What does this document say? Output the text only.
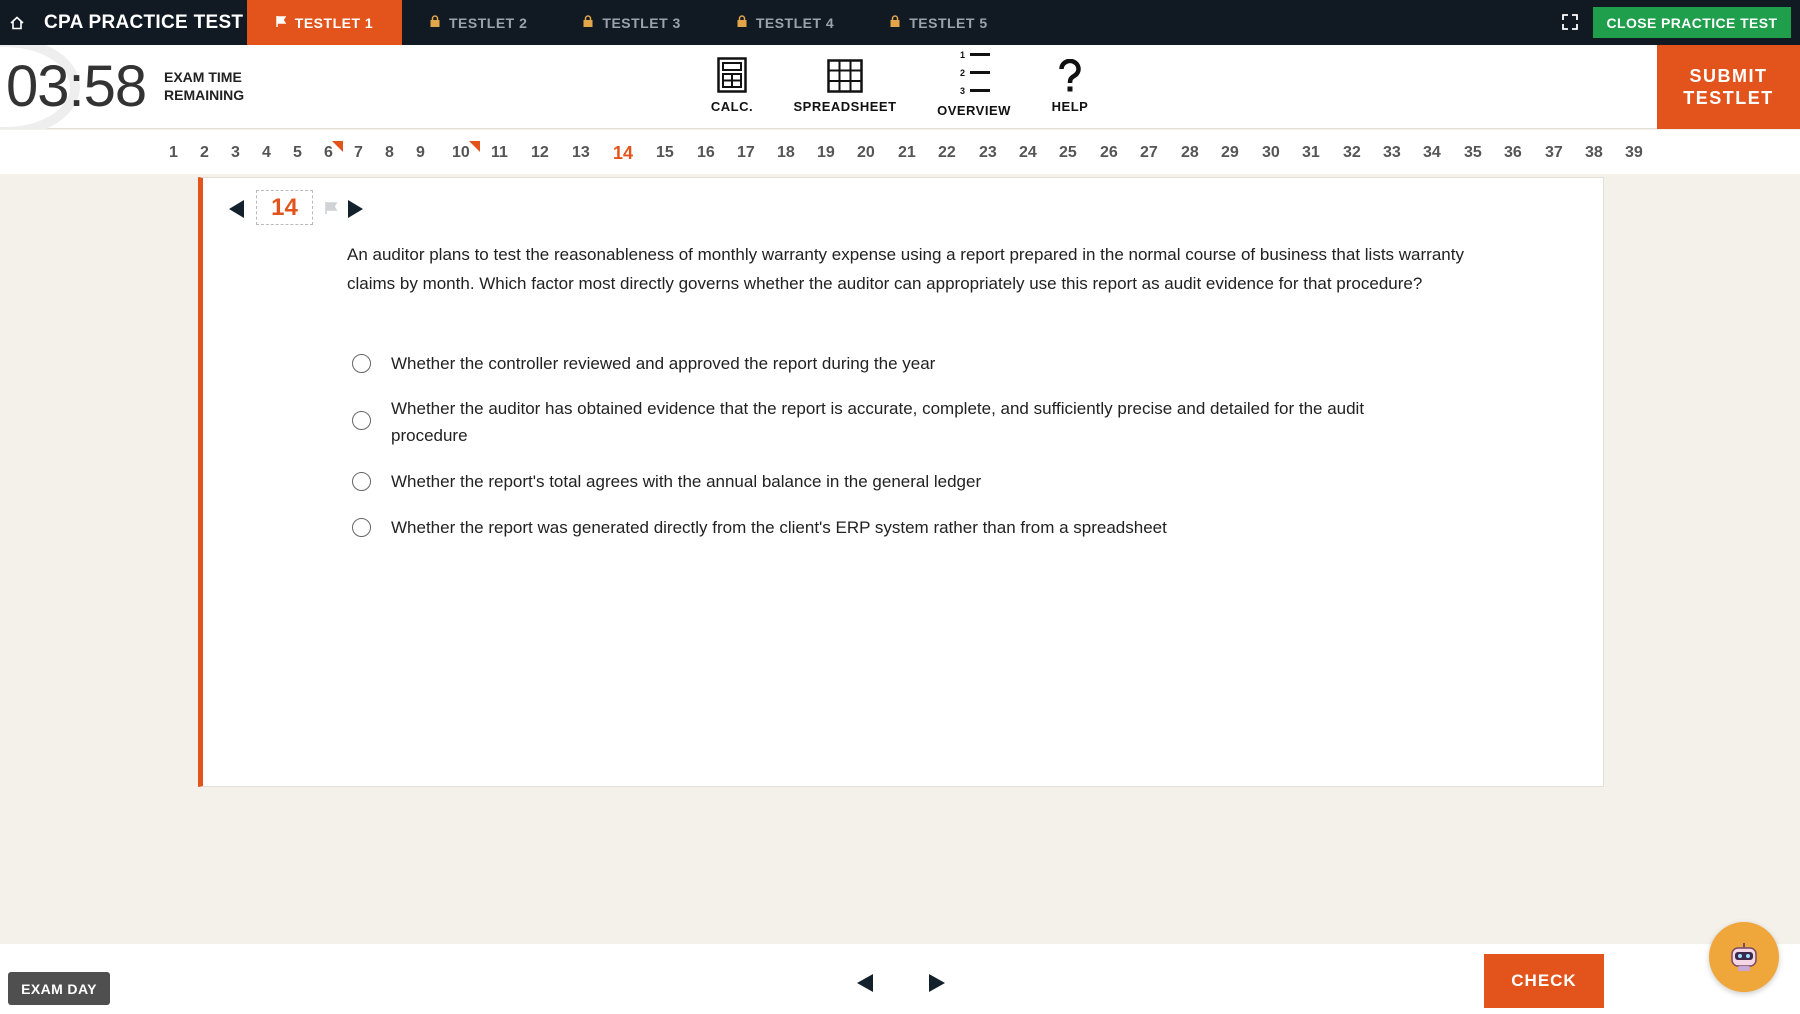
CPA PRACTICE TEST	TESTLET 1	TESTLET 2	TESTLET 3	TESTLET 4	TESTLET 5	CLOSE PRACTICE TEST
03:58 EXAM TIME
REMAINING
CALC.	SPREADSHEET
1
2
3
OVERVIEW	HELP
SUBMIT
TESTLET
1 2 3 4 5 6 7 8 9 10 11 12 13 14 15 16 17 18 19 20 21 22 23 24 25 26 27 28 29 30 31 32 33 34 35 36 37 38 39
14
An auditor plans to test the reasonableness of monthly warranty expense using a report prepared in the normal course of business that lists warranty claims by month. Which factor most directly governs whether the auditor can appropriately use this report as audit evidence for that procedure?
Whether the controller reviewed and approved the report during the year
Whether the auditor has obtained evidence that the report is accurate, complete, and sufficiently precise and detailed for the audit procedure
Whether the report's total agrees with the annual balance in the general ledger
Whether the report was generated directly from the client's ERP system rather than from a spreadsheet
EXAM DAY	CHECK
